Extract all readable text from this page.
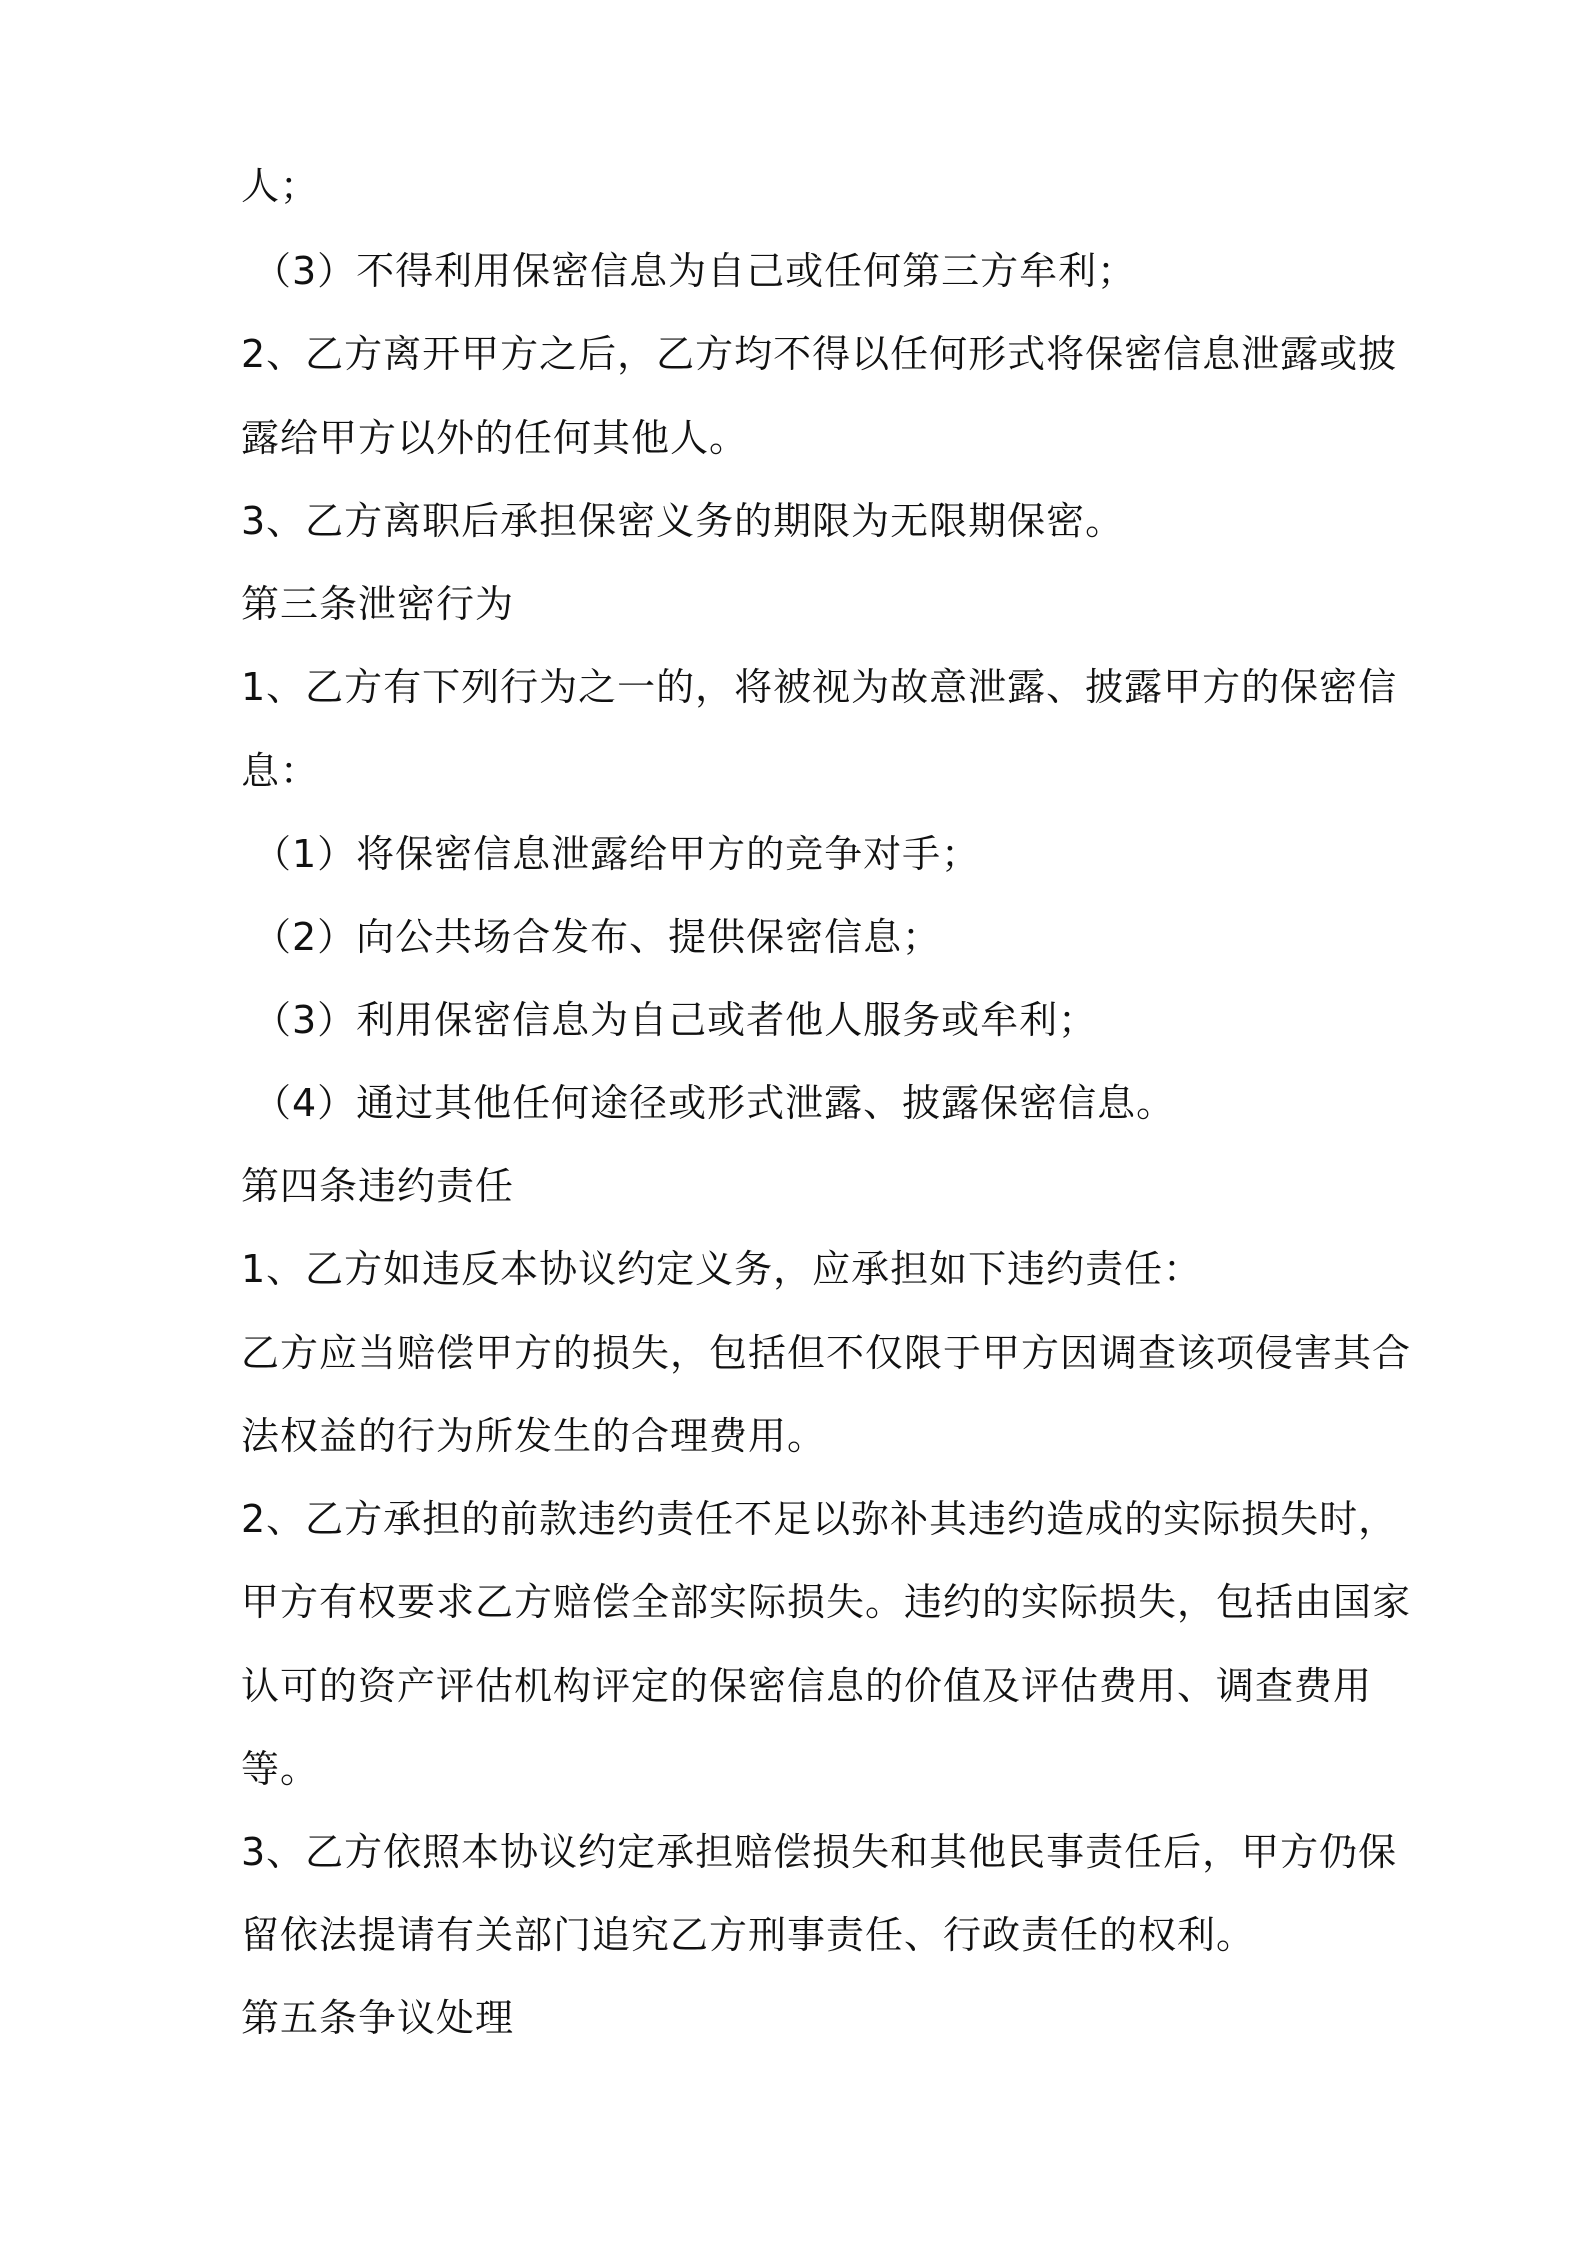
人；
（3）不得利用保密信息为自己或任何第三方牟利；
2、乙方离开甲方之后，乙方均不得以任何形式将保密信息泄露或披
露给甲方以外的任何其他人。
3、乙方离职后承担保密义务的期限为无限期保密。
第三条泄密行为
1、乙方有下列行为之一的，将被视为故意泄露、披露甲方的保密信
息：
（1）将保密信息泄露给甲方的竞争对手；
（2）向公共场合发布、提供保密信息；
（3）利用保密信息为自己或者他人服务或牟利；
（4）通过其他任何途径或形式泄露、披露保密信息。
第四条违约责任
1、乙方如违反本协议约定义务，应承担如下违约责任：
乙方应当赔偿甲方的损失，包括但不仅限于甲方因调查该项侵害其合
法权益的行为所发生的合理费用。
2、乙方承担的前款违约责任不足以弥补其违约造成的实际损失时，
甲方有权要求乙方赔偿全部实际损失。违约的实际损失，包括由国家
认可的资产评估机构评定的保密信息的价值及评估费用、调查费用
等。
3、乙方依照本协议约定承担赔偿损失和其他民事责任后，甲方仍保
留依法提请有关部门追究乙方刑事责任、行政责任的权利。
第五条争议处理
